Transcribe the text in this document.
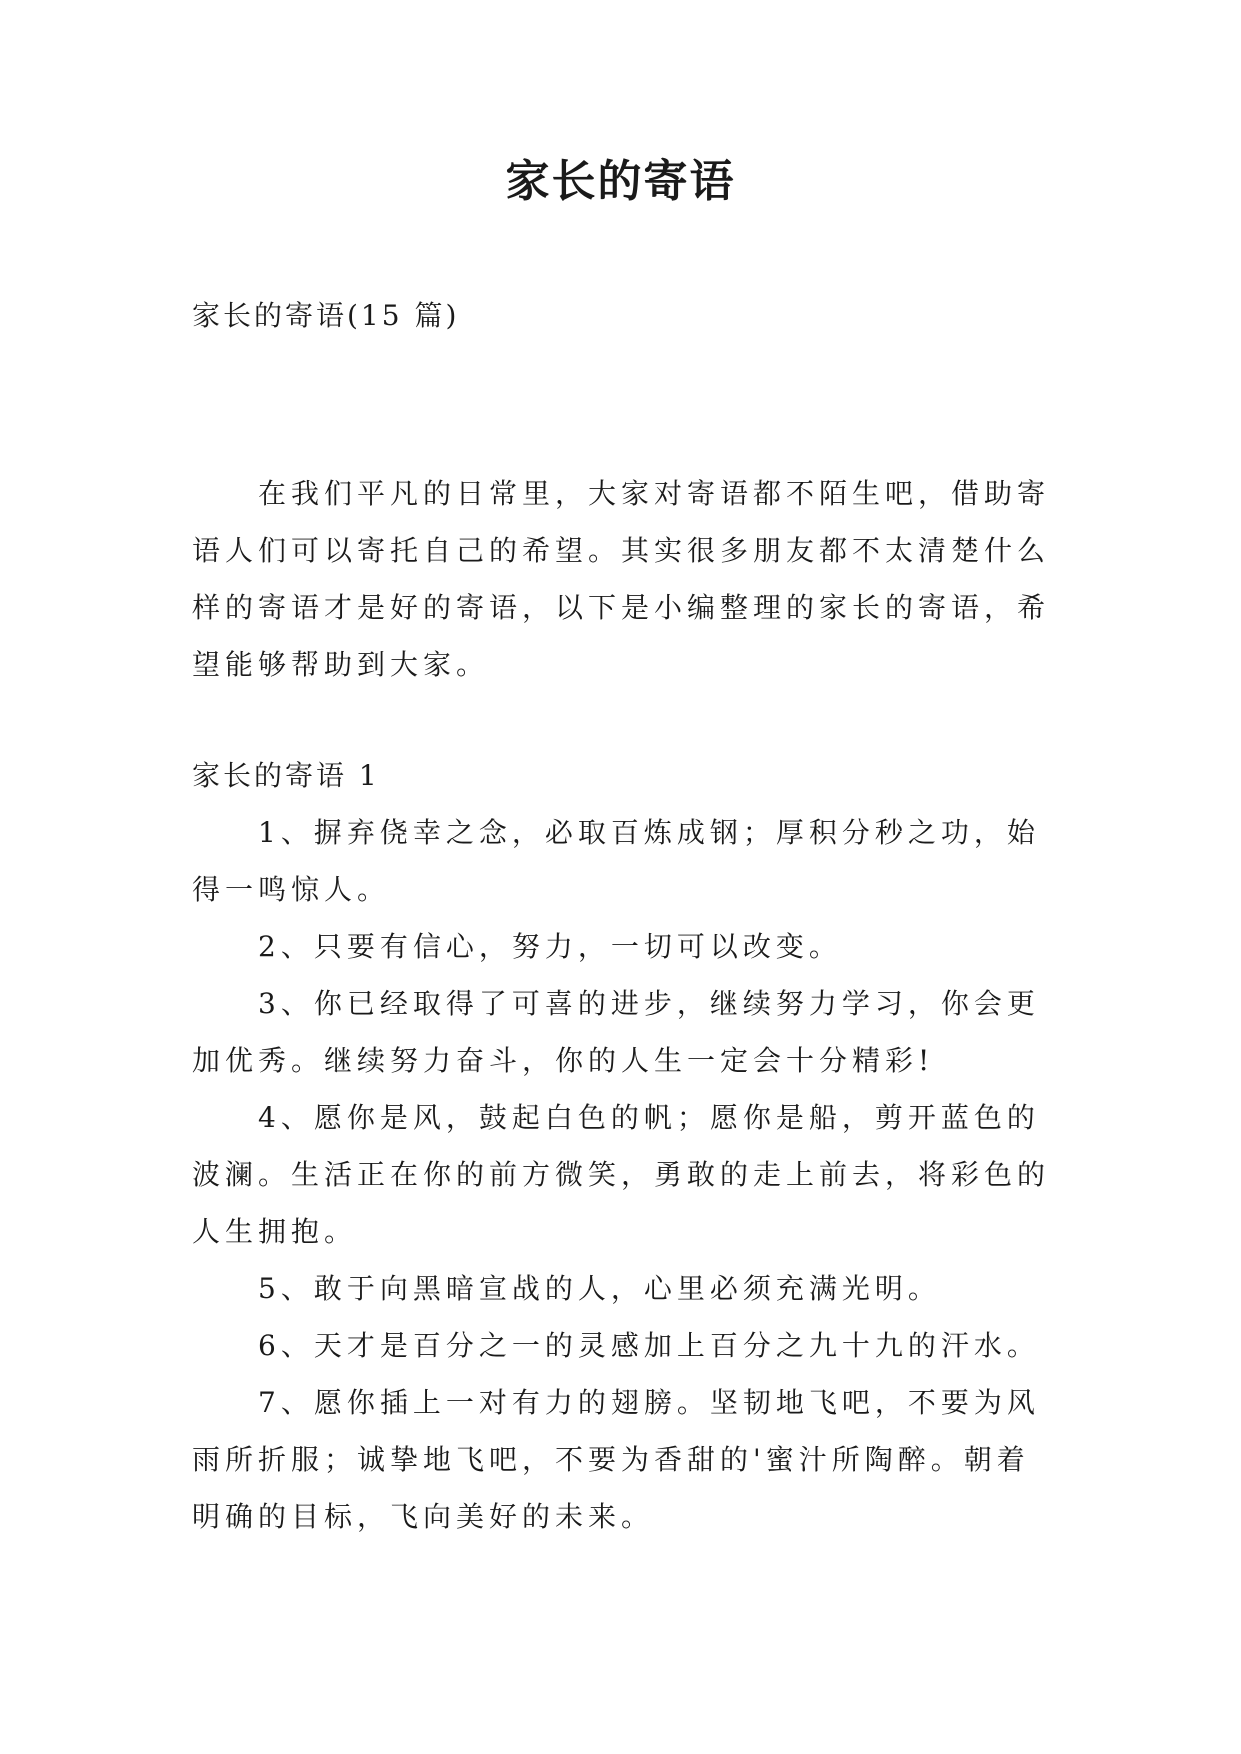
家长的寄语

家长的寄语(15 篇)

在我们平凡的日常里，大家对寄语都不陌生吧，借助寄语人们可以寄托自己的希望。其实很多朋友都不太清楚什么样的寄语才是好的寄语，以下是小编整理的家长的寄语，希望能够帮助到大家。

家长的寄语 1

1、摒弃侥幸之念，必取百炼成钢；厚积分秒之功，始得一鸣惊人。

2、只要有信心，努力，一切可以改变。

3、你已经取得了可喜的进步，继续努力学习，你会更加优秀。继续努力奋斗，你的人生一定会十分精彩!

4、愿你是风，鼓起白色的帆；愿你是船，剪开蓝色的波澜。生活正在你的前方微笑，勇敢的走上前去，将彩色的人生拥抱。

5、敢于向黑暗宣战的人，心里必须充满光明。

6、天才是百分之一的灵感加上百分之九十九的汗水。

7、愿你插上一对有力的翅膀。坚韧地飞吧，不要为风雨所折服；诚挚地飞吧，不要为香甜的'蜜汁所陶醉。朝着明确的目标，飞向美好的未来。
